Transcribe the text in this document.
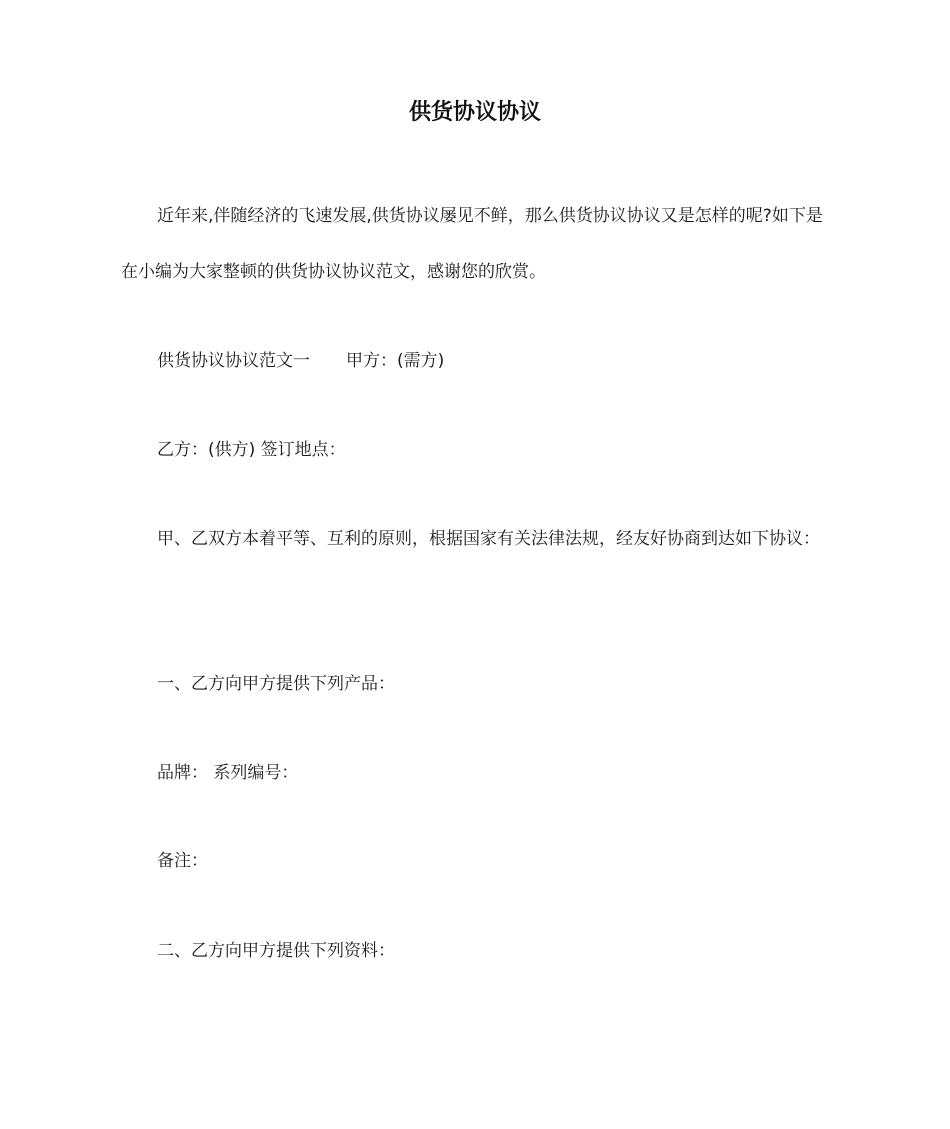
供货协议协议

近年来,伴随经济的飞速发展,供货协议屡见不鲜，那么供货协议协议又是怎样的呢?如下是在小编为大家整顿的供货协议协议范文，感谢您的欣赏。

供货协议协议范文一 甲方：(需方)

乙方：(供方) 签订地点：

甲、乙双方本着平等、互利的原则，根据国家有关法律法规，经友好协商到达如下协议：

一、乙方向甲方提供下列产品：

品牌： 系列编号：

备注：

二、乙方向甲方提供下列资料：
